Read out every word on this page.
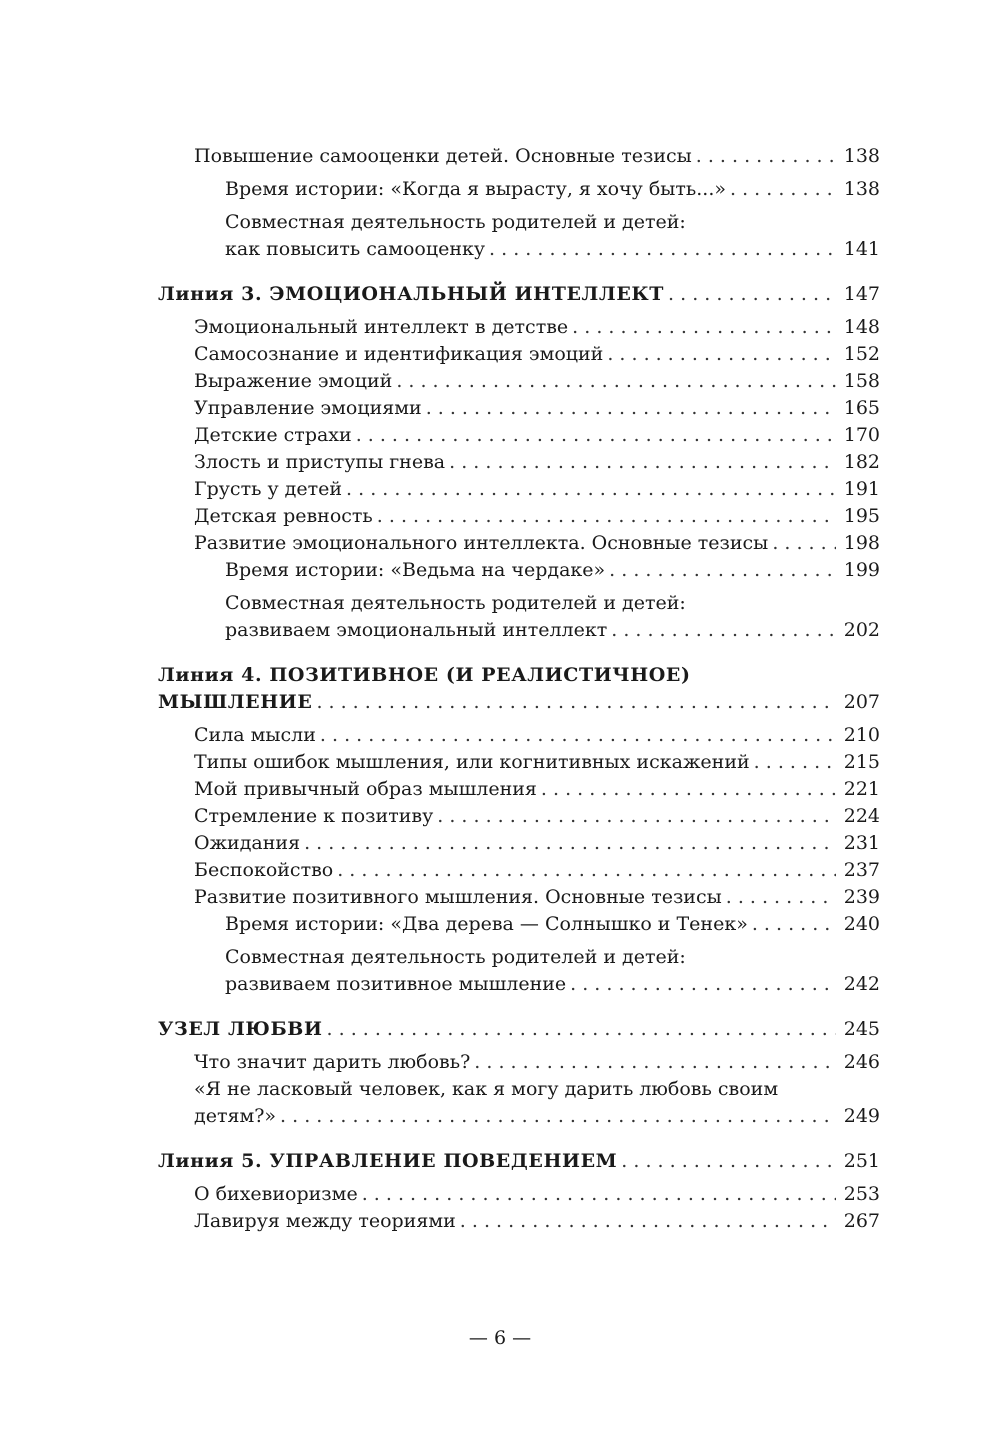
Повышение самооценки детей. Основные тезисы . . .	138
Время истории: «Когда я вырасту, я хочу быть...» . . .	138
Совместная деятельность родителей и детей:
как повысить самооценку . . .	141
Линия 3. ЭМОЦИОНАЛЬНЫЙ ИНТЕЛЛЕКТ . . .	147
Эмоциональный интеллект в детстве . . .	148
Самосознание и идентификация эмоций . . .	152
Выражение эмоций . . .	158
Управление эмоциями . . .	165
Детские страхи . . .	170
Злость и приступы гнева . . .	182
Грусть у детей . . .	191
Детская ревность . . .	195
Развитие эмоционального интеллекта. Основные тезисы . . .	198
Время истории: «Ведьма на чердаке» . . .	199
Совместная деятельность родителей и детей:
развиваем эмоциональный интеллект . . .	202
Линия 4. ПОЗИТИВНОЕ (И РЕАЛИСТИЧНОЕ)
МЫШЛЕНИЕ . . .	207
Сила мысли . . .	210
Типы ошибок мышления, или когнитивных искажений . . .	215
Мой привычный образ мышления . . .	221
Стремление к позитиву . . .	224
Ожидания . . .	231
Беспокойство . . .	237
Развитие позитивного мышления. Основные тезисы . . .	239
Время истории: «Два дерева — Солнышко и Тенек» . . .	240
Совместная деятельность родителей и детей:
развиваем позитивное мышление . . .	242
УЗЕЛ ЛЮБВИ . . .	245
Что значит дарить любовь? . . .	246
«Я не ласковый человек, как я могу дарить любовь своим
детям?» . . .	249
Линия 5. УПРАВЛЕНИЕ ПОВЕДЕНИЕМ . . .	251
О бихевиоризме . . .	253
Лавируя между теориями . . .	267
— 6 —
